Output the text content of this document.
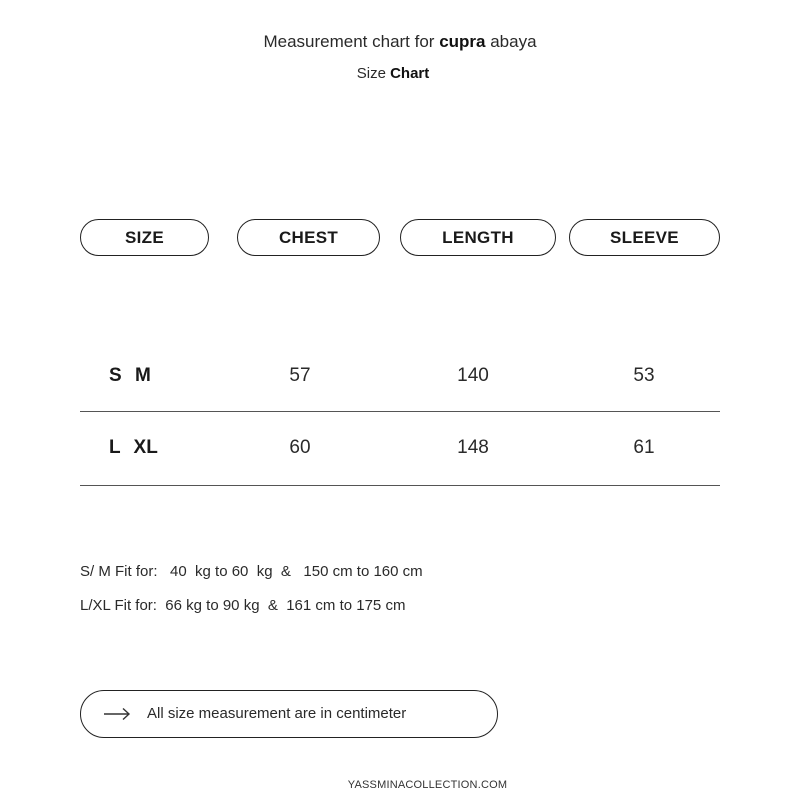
Measurement chart for cupra abaya
Size Chart
SIZE	CHEST	LENGTH	SLEEVE
S M	57	140	53
L XL	60	148	61
S/ M Fit for:   40  kg to 60  kg  &   150 cm to 160 cm
L/XL Fit for:  66 kg to 90 kg  &  161 cm to 175 cm
All size measurement are in centimeter
YASSMINACOLLECTION.COM
